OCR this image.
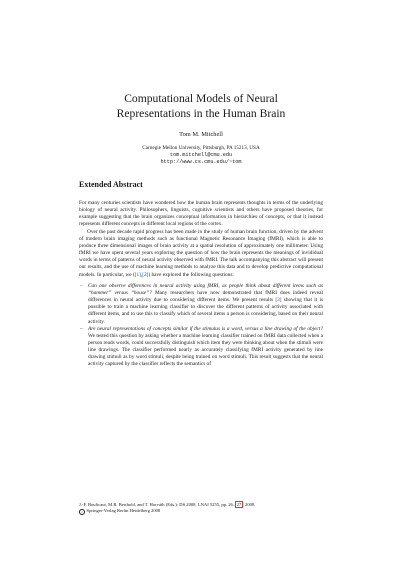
Computational Models of Neural
Representations in the Human Brain
Tom M. Mitchell
Carnegie Mellon University, Pittsburgh, PA 15213, USA
tom.mitchell@cmu.edu
http://www.cs.cmu.edu/~tom
Extended Abstract

For many centuries scientists have wondered how the human brain represents thoughts in terms of the underlying biology of neural activity. Philosophers, linguists, cognitive scientists and others have proposed theories, for example suggesting that the brain organizes conceptual information in hierarchies of concepts, or that it instead represents different concepts in different local regions of the cortex.

Over the past decade rapid progress has been made in the study of human brain function, driven by the advent of modern brain imaging methods such as functional Magnetic Resonance Imaging (fMRI), which is able to produce three dimensional images of brain activity at a spatial resolution of approximately one millimeter. Using fMRI we have spent several years exploring the question of how the brain represents the meanings of invididual words in terms of patterns of neural activity observed with fMRI. The talk accompanying this abstract will present our results, and the use of machine learning methods to analyze this data and to develop predictive computational models. In particular, we ([1],[2]) have explored the following questions:

– Can one observe differences in neural activity using fMRI, as people think about different items such as “hammer” versus “house”? Many researchers have now demonstrated that fMRI does indeed reveal differences in neural activity due to considering different items. We present results [3] showing that it is possible to train a machine learning classifier to discover the different patterns of activity associated with different items, and to use this to classify which of several items a person is considering, based on their neural activity.
– Are neural representations of concepts similar if the stimulus is a word, versus a line drawing of the object? We tested this question by asking whether a machine learning classifier trained on fMRI data collected when a person reads words, could successfully distinguish which item they were thinking about when the stimuli were line drawings. The classifier performed nearly as accurately classifying fMRI activity generated by line drawing stimuli as by word stimuli, despite being trained on word stimuli. This result suggests that the neural activity captured by the classifier reflects the semantics of
J.-F. Boulicaut, M.R. Berthold, and T. Horváth (Eds.): DS 2008, LNAI 5255, pp. 26– 27 , 2008.
c Springer-Verlag Berlin Heidelberg 2008
